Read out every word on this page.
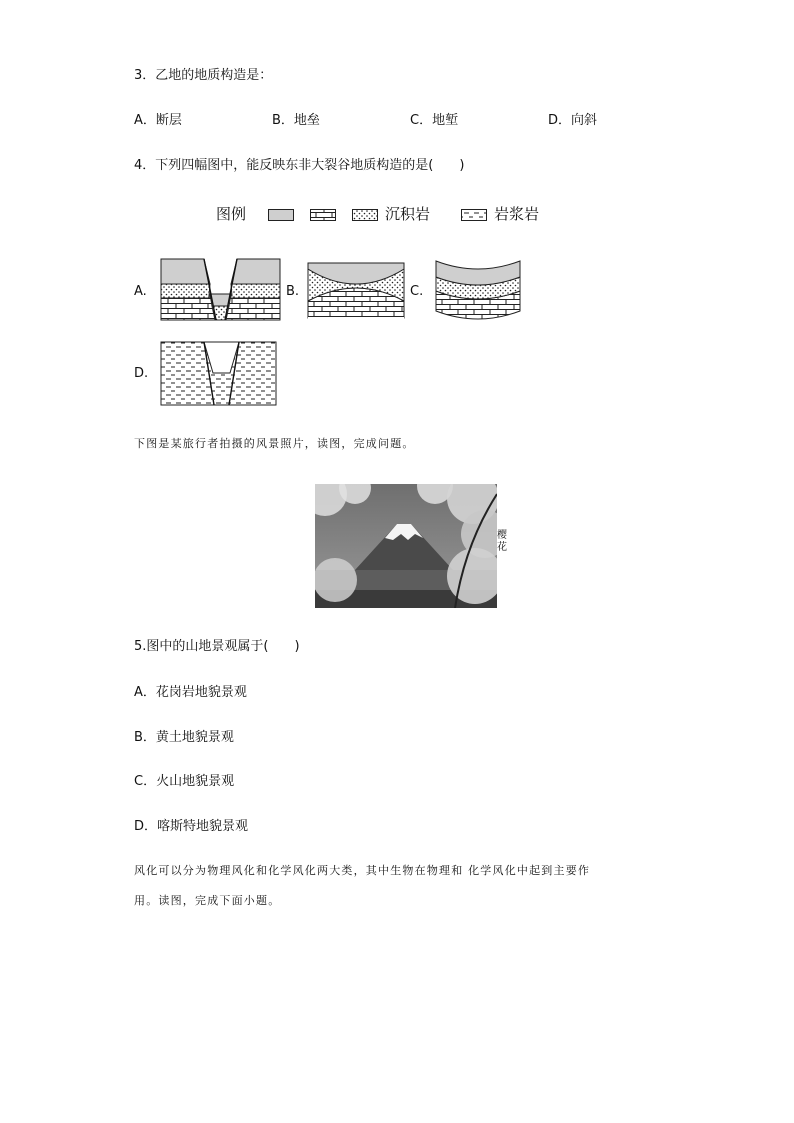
3．乙地的地质构造是：
A．断层	B．地垒	C．地堑	D．向斜
4．下列四幅图中，能反映东非大裂谷地质构造的是(　　)
图例	沉积岩	岩浆岩
A.	B.	C.
D.
下图是某旅行者拍摄的风景照片，读图，完成问题。
樱花
5.图中的山地景观属于(　　)
A．花岗岩地貌景观
B．黄土地貌景观
C．火山地貌景观
D．喀斯特地貌景观
风化可以分为物理风化和化学风化两大类，其中生物在物理和 化学风化中起到主要作
用。读图，完成下面小题。
